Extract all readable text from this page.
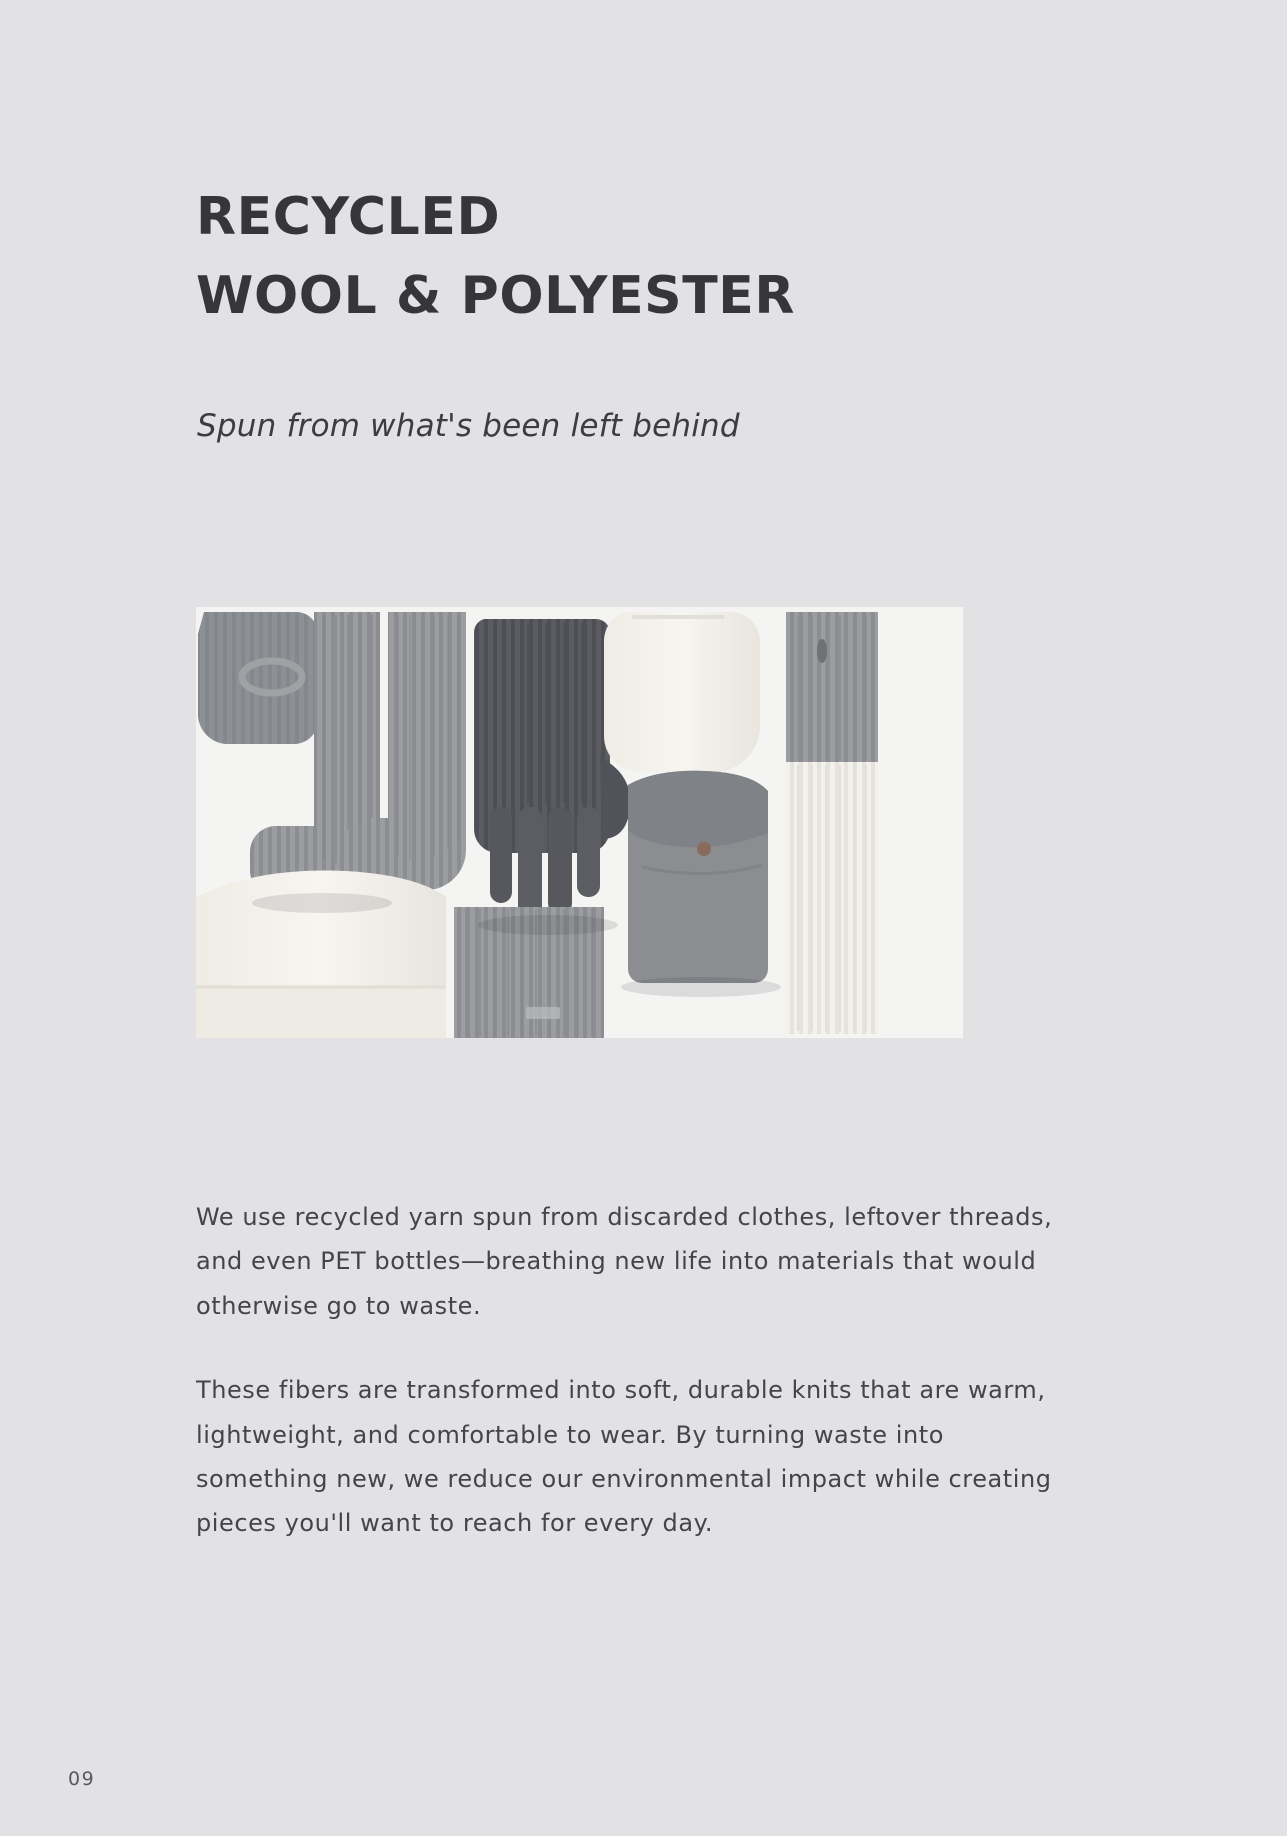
RECYCLED
WOOL & POLYESTER
Spun from what's been left behind

We use recycled yarn spun from discarded clothes, leftover threads, and even PET bottles—breathing new life into materials that would otherwise go to waste.

These fibers are transformed into soft, durable knits that are warm, lightweight, and comfortable to wear. By turning waste into something new, we reduce our environmental impact while creating pieces you'll want to reach for every day.

09
